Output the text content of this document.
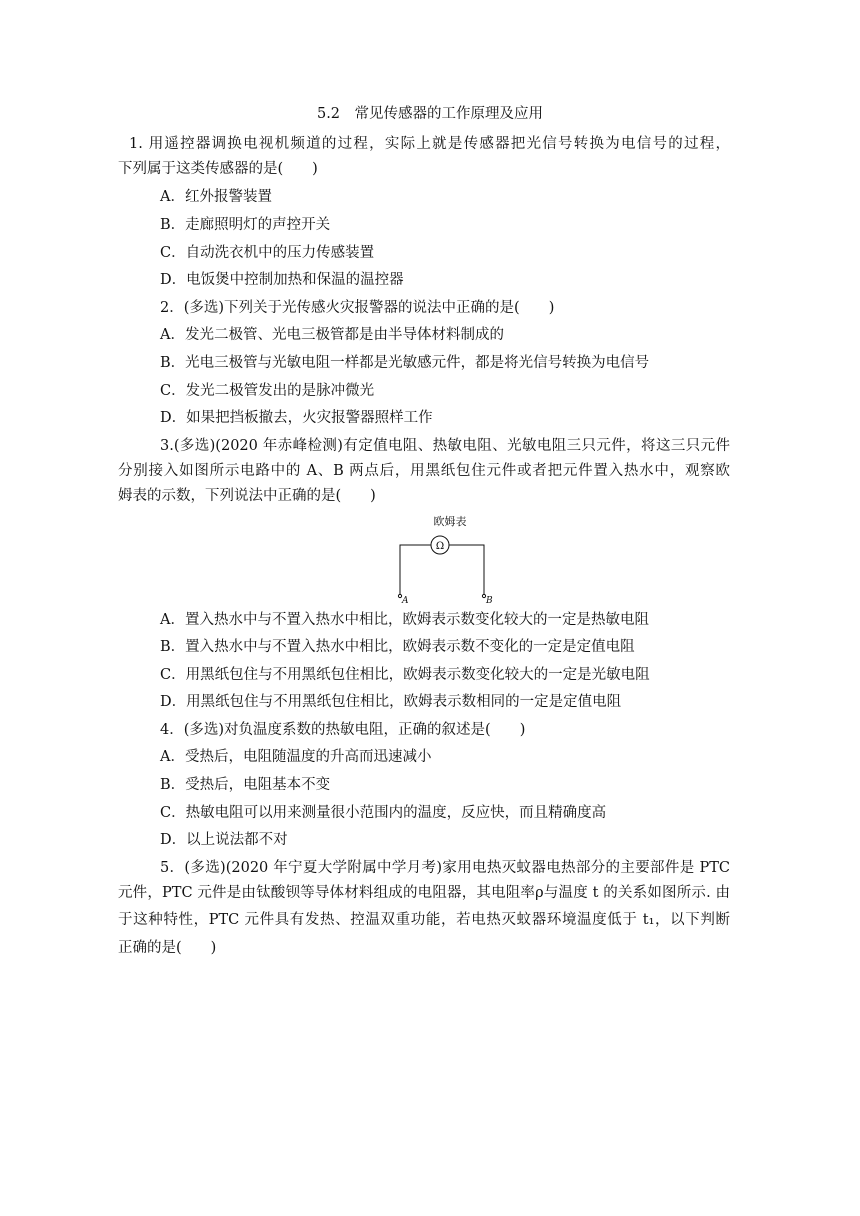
5.2　常见传感器的工作原理及应用
1. 用遥控器调换电视机频道的过程，实际上就是传感器把光信号转换为电信号的过程，
下列属于这类传感器的是(　　)
A．红外报警装置
B．走廊照明灯的声控开关
C．自动洗衣机中的压力传感装置
D．电饭煲中控制加热和保温的温控器
2．(多选)下列关于光传感火灾报警器的说法中正确的是(　　)
A．发光二极管、光电三极管都是由半导体材料制成的
B．光电三极管与光敏电阻一样都是光敏感元件，都是将光信号转换为电信号
C．发光二极管发出的是脉冲微光
D．如果把挡板撤去，火灾报警器照样工作
3.(多选)(2020 年赤峰检测)有定值电阻、热敏电阻、光敏电阻三只元件，将这三只元件
分别接入如图所示电路中的 A、B 两点后，用黑纸包住元件或者把元件置入热水中，观察欧
姆表的示数，下列说法中正确的是(　　)
欧姆表
Ω
A	B
A．置入热水中与不置入热水中相比，欧姆表示数变化较大的一定是热敏电阻
B．置入热水中与不置入热水中相比，欧姆表示数不变化的一定是定值电阻
C．用黑纸包住与不用黑纸包住相比，欧姆表示数变化较大的一定是光敏电阻
D．用黑纸包住与不用黑纸包住相比，欧姆表示数相同的一定是定值电阻
4．(多选)对负温度系数的热敏电阻，正确的叙述是(　　)
A．受热后，电阻随温度的升高而迅速减小
B．受热后，电阻基本不变
C．热敏电阻可以用来测量很小范围内的温度，反应快，而且精确度高
D．以上说法都不对
5．(多选)(2020 年宁夏大学附属中学月考)家用电热灭蚊器电热部分的主要部件是 PTC
元件，PTC 元件是由钛酸钡等导体材料组成的电阻器，其电阻率ρ与温度 t 的关系如图所示. 由
于这种特性，PTC 元件具有发热、控温双重功能，若电热灭蚊器环境温度低于 t₁，以下判断
正确的是(　　)
